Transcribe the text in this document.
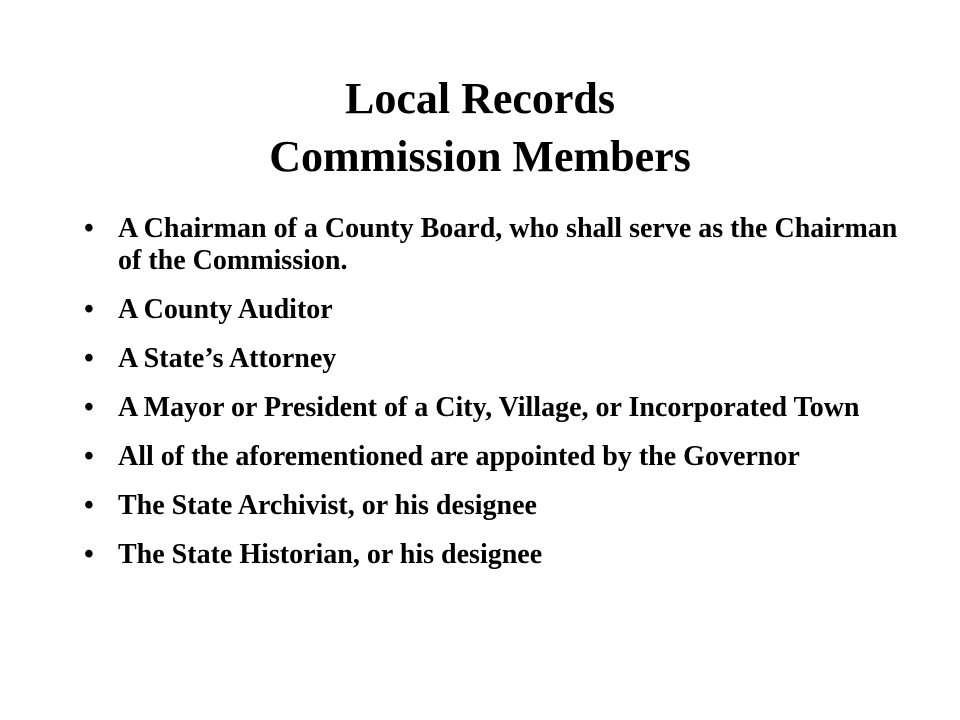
Local Records
Commission Members
• A Chairman of a County Board, who shall serve as the Chairman of the Commission.
• A County Auditor
• A State’s Attorney
• A Mayor or President of a City, Village, or Incorporated Town
• All of the aforementioned are appointed by the Governor
• The State Archivist, or his designee
• The State Historian, or his designee
